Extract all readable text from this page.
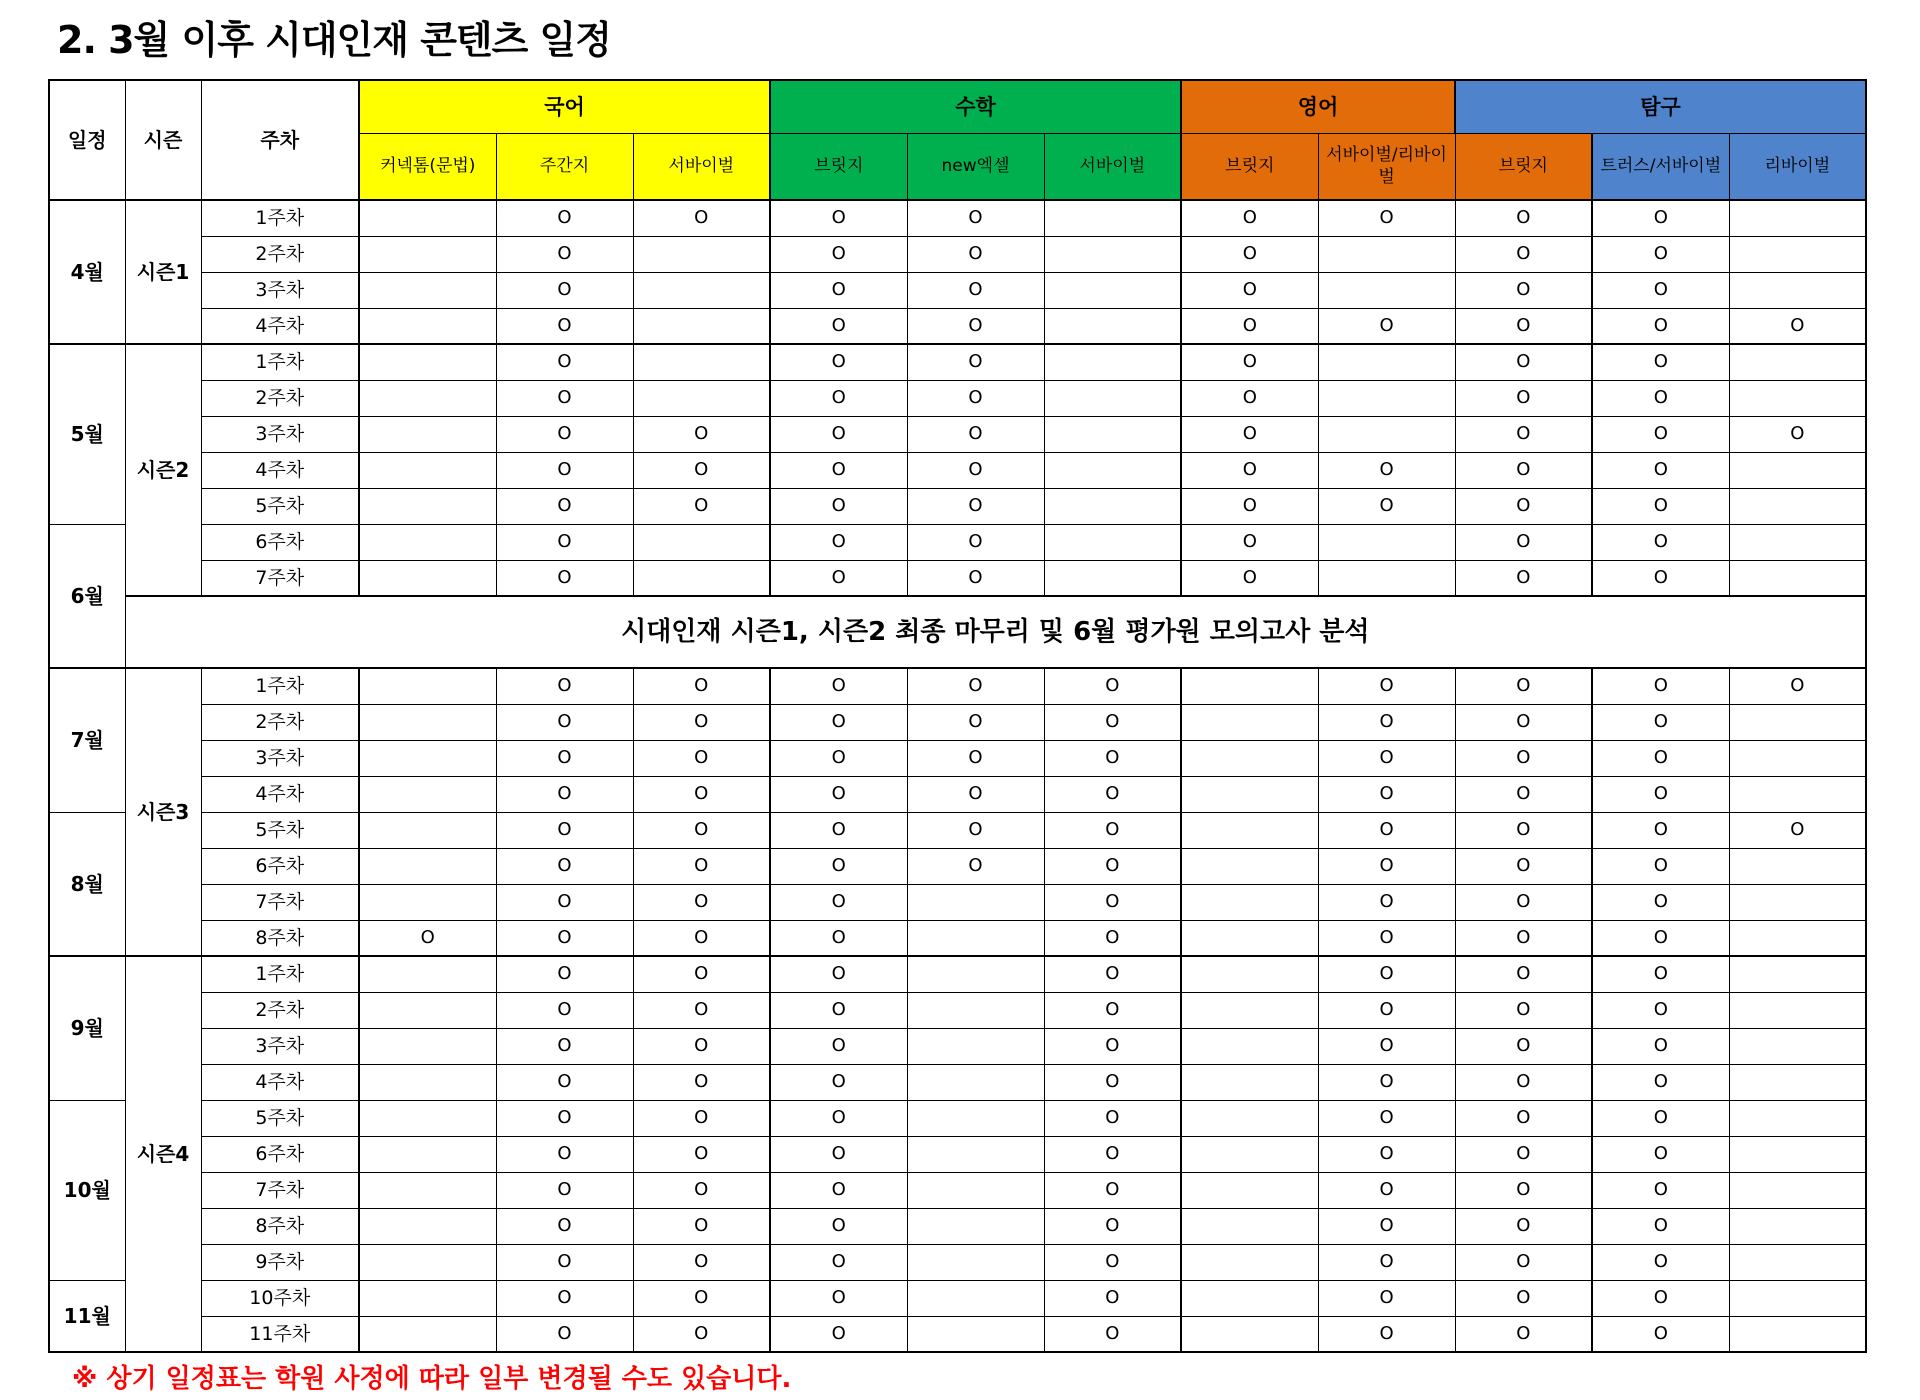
2. 3월 이후 시대인재 콘텐츠 일정
일정	시즌	주차	국어			수학			영어		탐구		
			커넥톰(문법)	주간지	서바이벌	브릿지	new엑셀	서바이벌	브릿지	서바이벌/리바이벌	브릿지	트러스/서바이벌	리바이벌
4월	시즌1	1주차		O	O	O	O		O	O	O	O	
		2주차		O		O	O		O		O	O	
		3주차		O		O	O		O		O	O	
		4주차		O		O	O		O	O	O	O	O
5월	시즌2	1주차		O		O	O		O		O	O	
		2주차		O		O	O		O		O	O	
		3주차		O	O	O	O		O		O	O	O
		4주차		O	O	O	O		O	O	O	O	
		5주차		O	O	O	O		O	O	O	O	
6월		6주차		O		O	O		O		O	O	
		7주차		O		O	O		O		O	O	
	시대인재 시즌1, 시즌2 최종 마무리 및 6월 평가원 모의고사 분석												
7월	시즌3	1주차		O	O	O	O	O		O	O	O	O
		2주차		O	O	O	O	O		O	O	O	
		3주차		O	O	O	O	O		O	O	O	
		4주차		O	O	O	O	O		O	O	O	
8월		5주차		O	O	O	O	O		O	O	O	O
		6주차		O	O	O	O	O		O	O	O	
		7주차		O	O	O		O		O	O	O	
		8주차	O	O	O	O		O		O	O	O	
9월	시즌4	1주차		O	O	O		O		O	O	O	
		2주차		O	O	O		O		O	O	O	
		3주차		O	O	O		O		O	O	O	
		4주차		O	O	O		O		O	O	O	
10월		5주차		O	O	O		O		O	O	O	
		6주차		O	O	O		O		O	O	O	
		7주차		O	O	O		O		O	O	O	
		8주차		O	O	O		O		O	O	O	
		9주차		O	O	O		O		O	O	O	
11월		10주차		O	O	O		O		O	O	O	
		11주차		O	O	O		O		O	O	O	
※ 상기 일정표는 학원 사정에 따라 일부 변경될 수도 있습니다.
